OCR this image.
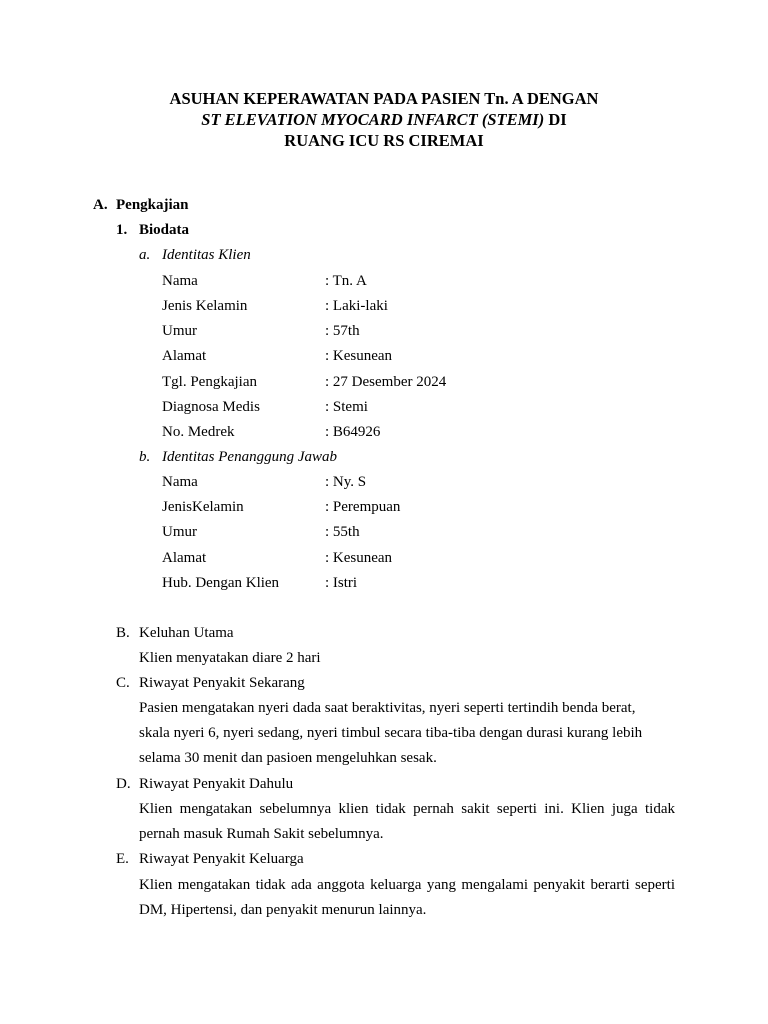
ASUHAN KEPERAWATAN PADA PASIEN Tn. A DENGAN
ST ELEVATION MYOCARD INFARCT (STEMI) DI
RUANG ICU RS CIREMAI
A. Pengkajian
1. Biodata
a. Identitas Klien
Nama	: Tn. A
Jenis Kelamin	: Laki-laki
Umur	: 57th
Alamat	: Kesunean
Tgl. Pengkajian	: 27 Desember 2024
Diagnosa Medis	: Stemi
No. Medrek	: B64926
b. Identitas Penanggung Jawab
Nama	: Ny. S
JenisKelamin	: Perempuan
Umur	: 55th
Alamat	: Kesunean
Hub. Dengan Klien	: Istri
B. Keluhan Utama
Klien menyatakan diare 2 hari
C. Riwayat Penyakit Sekarang
Pasien mengatakan nyeri dada saat beraktivitas, nyeri seperti tertindih benda berat, skala nyeri 6, nyeri sedang, nyeri timbul secara tiba-tiba dengan durasi kurang lebih selama 30 menit dan pasioen mengeluhkan sesak.
D. Riwayat Penyakit Dahulu
Klien mengatakan sebelumnya klien tidak pernah sakit seperti ini. Klien juga tidak pernah masuk Rumah Sakit sebelumnya.
E. Riwayat Penyakit Keluarga
Klien mengatakan tidak ada anggota keluarga yang mengalami penyakit berarti seperti DM, Hipertensi, dan penyakit menurun lainnya.
